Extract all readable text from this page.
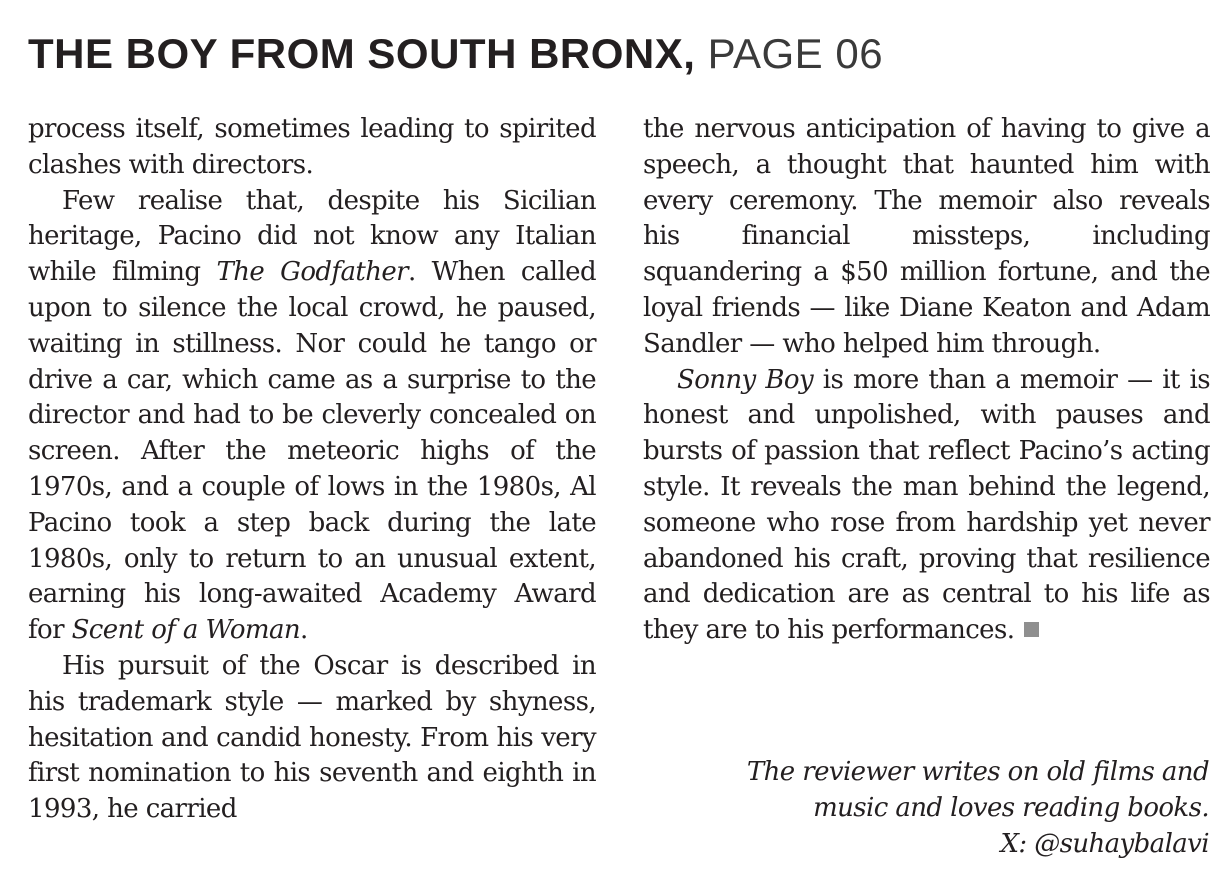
THE BOY FROM SOUTH BRONX, PAGE 06

process itself, sometimes leading to spirited clashes with directors.

Few realise that, despite his Sicilian heritage, Pacino did not know any Italian while filming The Godfather. When called upon to silence the local crowd, he paused, waiting in stillness. Nor could he tango or drive a car, which came as a surprise to the director and had to be cleverly concealed on screen. After the meteoric highs of the 1970s, and a couple of lows in the 1980s, Al Pacino took a step back during the late 1980s, only to return to an unusual extent, earning his long-awaited Academy Award for Scent of a Woman.

His pursuit of the Oscar is described in his trademark style — marked by shyness, hesitation and candid honesty. From his very first nomination to his seventh and eighth in 1993, he carried

the nervous anticipation of having to give a speech, a thought that haunted him with every ceremony. The memoir also reveals his financial missteps, including squandering a $50 million fortune, and the loyal friends — like Diane Keaton and Adam Sandler — who helped him through.

Sonny Boy is more than a memoir — it is honest and unpolished, with pauses and bursts of passion that reflect Pacino’s acting style. It reveals the man behind the legend, someone who rose from hardship yet never abandoned his craft, proving that resilience and dedication are as central to his life as they are to his performances.

The reviewer writes on old films and
music and loves reading books.
X: @suhaybalavi
